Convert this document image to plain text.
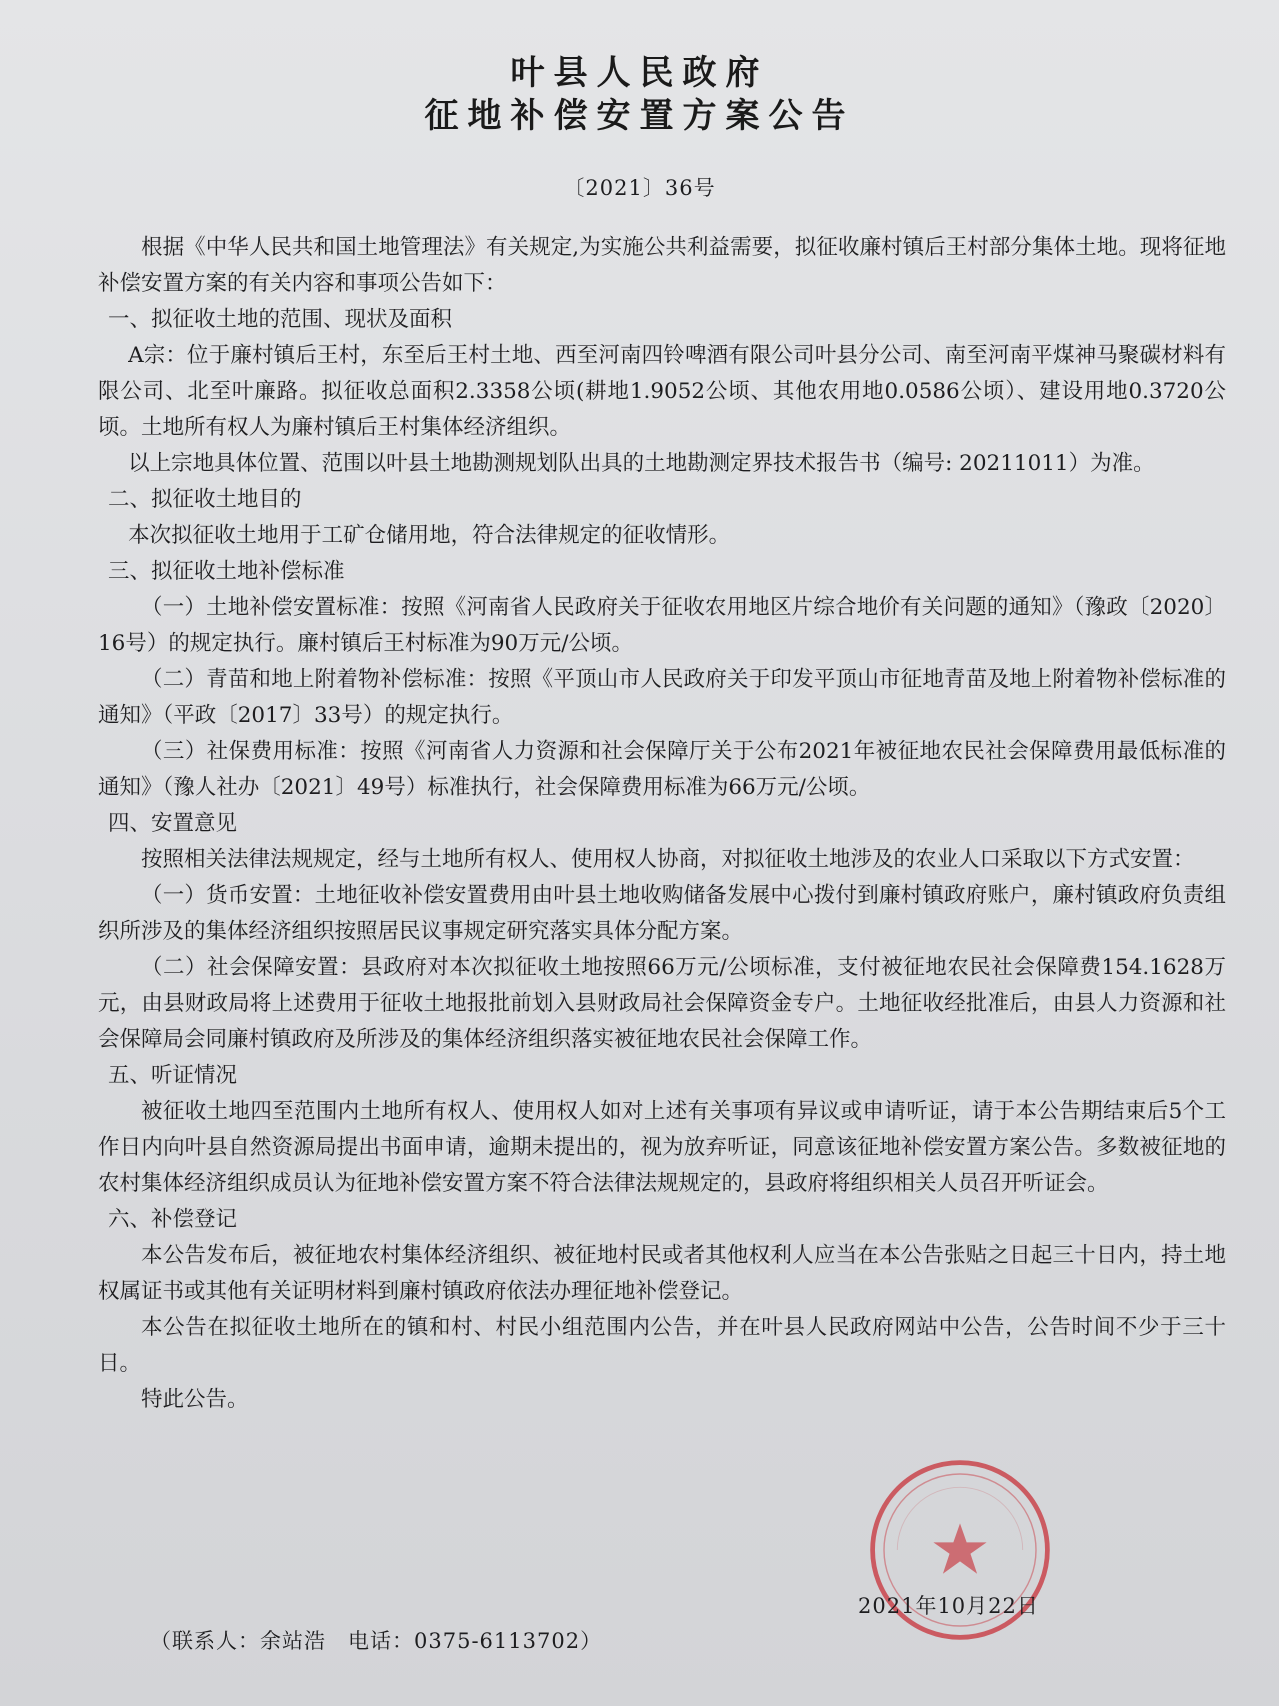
叶县人民政府
征地补偿安置方案公告
〔2021〕36号

根据《中华人民共和国土地管理法》有关规定,为实施公共利益需要，拟征收廉村镇后王村部分集体土地。现将征地补偿安置方案的有关内容和事项公告如下：

一、拟征收土地的范围、现状及面积

A宗：位于廉村镇后王村，东至后王村土地、西至河南四铃啤酒有限公司叶县分公司、南至河南平煤神马聚碳材料有限公司、北至叶廉路。拟征收总面积2.3358公顷(耕地1.9052公顷、其他农用地0.0586公顷）、建设用地0.3720公顷。土地所有权人为廉村镇后王村集体经济组织。

以上宗地具体位置、范围以叶县土地勘测规划队出具的土地勘测定界技术报告书（编号: 20211011）为准。

二、拟征收土地目的

本次拟征收土地用于工矿仓储用地，符合法律规定的征收情形。

三、拟征收土地补偿标准

（一）土地补偿安置标准：按照《河南省人民政府关于征收农用地区片综合地价有关问题的通知》（豫政〔2020〕16号）的规定执行。廉村镇后王村标准为90万元/公顷。

（二）青苗和地上附着物补偿标准：按照《平顶山市人民政府关于印发平顶山市征地青苗及地上附着物补偿标准的通知》（平政〔2017〕33号）的规定执行。

（三）社保费用标准：按照《河南省人力资源和社会保障厅关于公布2021年被征地农民社会保障费用最低标准的通知》（豫人社办〔2021〕49号）标准执行，社会保障费用标准为66万元/公顷。

四、安置意见

按照相关法律法规规定，经与土地所有权人、使用权人协商，对拟征收土地涉及的农业人口采取以下方式安置：

（一）货币安置：土地征收补偿安置费用由叶县土地收购储备发展中心拨付到廉村镇政府账户，廉村镇政府负责组织所涉及的集体经济组织按照居民议事规定研究落实具体分配方案。

（二）社会保障安置：县政府对本次拟征收土地按照66万元/公顷标准，支付被征地农民社会保障费154.1628万元，由县财政局将上述费用于征收土地报批前划入县财政局社会保障资金专户。土地征收经批准后，由县人力资源和社会保障局会同廉村镇政府及所涉及的集体经济组织落实被征地农民社会保障工作。

五、听证情况

被征收土地四至范围内土地所有权人、使用权人如对上述有关事项有异议或申请听证，请于本公告期结束后5个工作日内向叶县自然资源局提出书面申请，逾期未提出的，视为放弃听证，同意该征地补偿安置方案公告。多数被征地的农村集体经济组织成员认为征地补偿安置方案不符合法律法规规定的，县政府将组织相关人员召开听证会。

六、补偿登记

本公告发布后，被征地农村集体经济组织、被征地村民或者其他权利人应当在本公告张贴之日起三十日内，持土地权属证书或其他有关证明材料到廉村镇政府依法办理征地补偿登记。

本公告在拟征收土地所在的镇和村、村民小组范围内公告，并在叶县人民政府网站中公告，公告时间不少于三十日。

特此公告。

2021年10月22日
（联系人：余站浩　电话：0375-6113702）
